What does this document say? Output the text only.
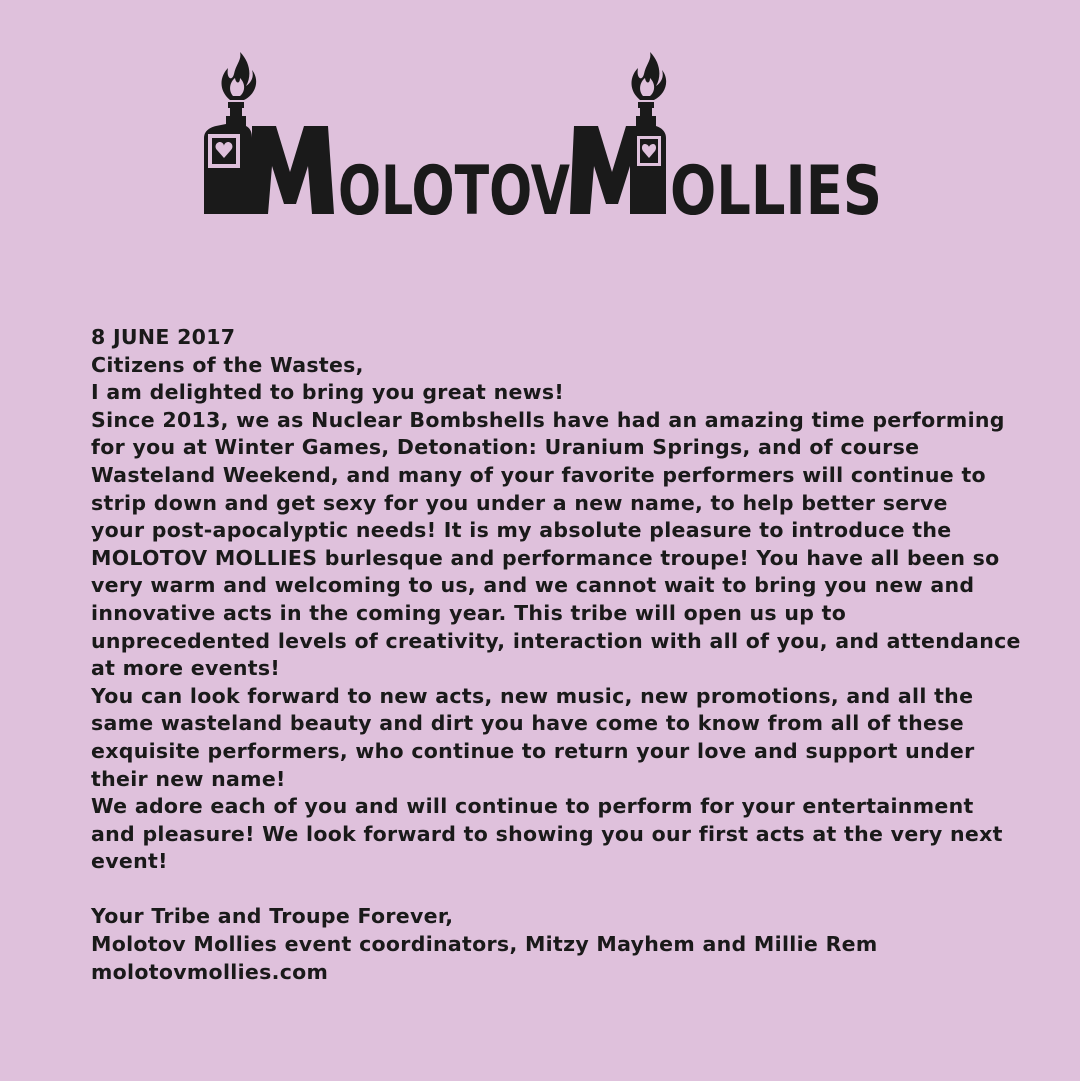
OLOTOV OLLIES
8 JUNE 2017
Citizens of the Wastes,
I am delighted to bring you great news!
Since 2013, we as Nuclear Bombshells have had an amazing time performing
for you at Winter Games, Detonation: Uranium Springs, and of course
Wasteland Weekend, and many of your favorite performers will continue to
strip down and get sexy for you under a new name, to help better serve
your post-apocalyptic needs! It is my absolute pleasure to introduce the
MOLOTOV MOLLIES burlesque and performance troupe! You have all been so
very warm and welcoming to us, and we cannot wait to bring you new and
innovative acts in the coming year. This tribe will open us up to
unprecedented levels of creativity, interaction with all of you, and attendance
at more events!
You can look forward to new acts, new music, new promotions, and all the
same wasteland beauty and dirt you have come to know from all of these
exquisite performers, who continue to return your love and support under
their new name!
We adore each of you and will continue to perform for your entertainment
and pleasure! We look forward to showing you our first acts at the very next
event!
Your Tribe and Troupe Forever,
Molotov Mollies event coordinators, Mitzy Mayhem and Millie Rem
molotovmollies.com
